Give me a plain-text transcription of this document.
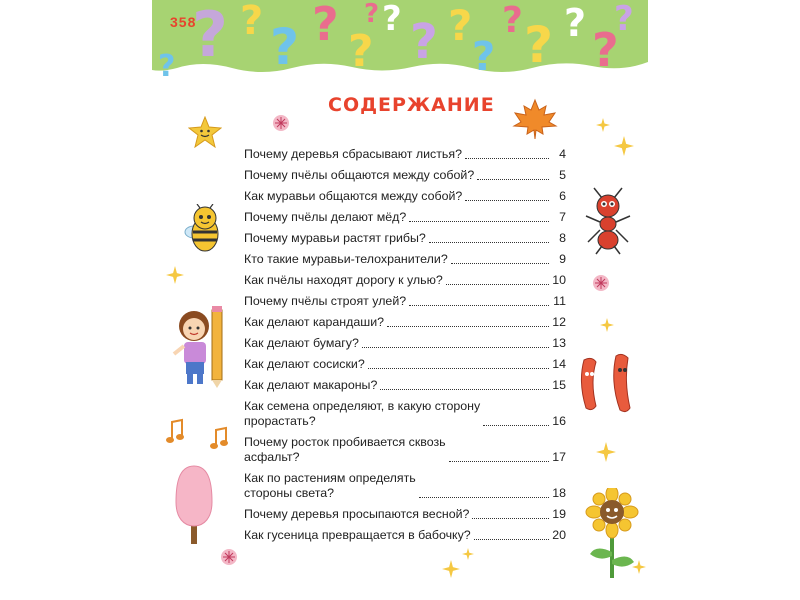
? ? ? ?
?
? ? ?
?
? ? ? ?
?
?
?
358
СОДЕРЖАНИЕ
Почему деревья сбрасывают листья?	4
Почему пчёлы общаются между собой?	5
Как муравьи общаются между собой?	6
Почему пчёлы делают мёд?	7
Почему муравьи растят грибы?	8
Кто такие муравьи-телохранители?	9
Как пчёлы находят дорогу к улью?	10
Почему пчёлы строят улей?	11
Как делают карандаши?	12
Как делают бумагу?	13
Как делают сосиски?	14
Как делают макароны?	15
Как семена определяют, в какую сторону
прорастать?	16
Почему росток пробивается сквозь
асфальт?	17
Как по растениям определять
стороны света?	18
Почему деревья просыпаются весной?	19
Как гусеница превращается в бабочку?	20
